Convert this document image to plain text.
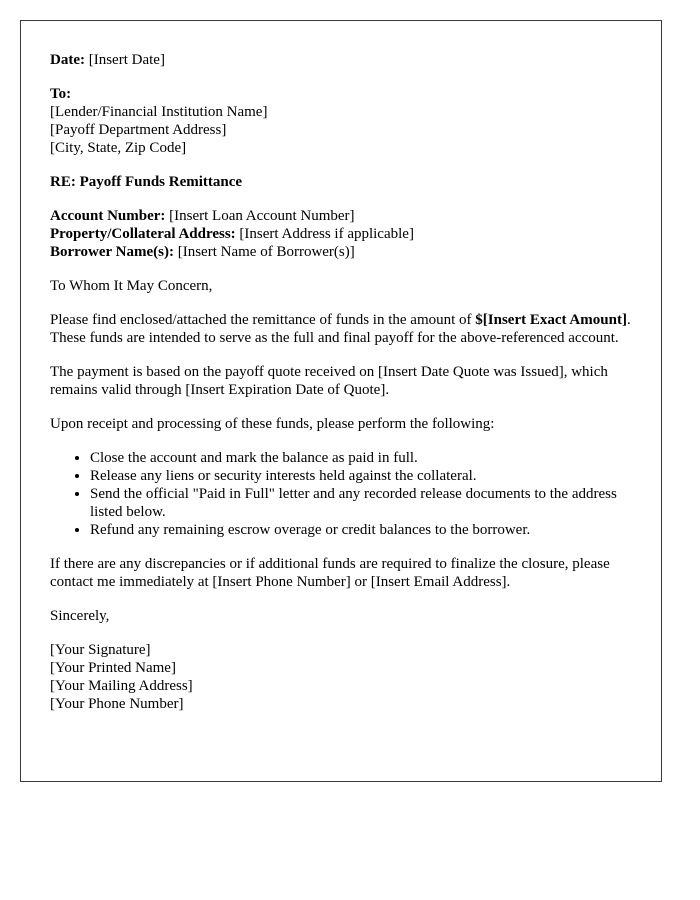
Date: [Insert Date]

To:
[Lender/Financial Institution Name]
[Payoff Department Address]
[City, State, Zip Code]

RE: Payoff Funds Remittance

Account Number: [Insert Loan Account Number]
Property/Collateral Address: [Insert Address if applicable]
Borrower Name(s): [Insert Name of Borrower(s)]

To Whom It May Concern,

Please find enclosed/attached the remittance of funds in the amount of $[Insert Exact Amount]. These funds are intended to serve as the full and final payoff for the above-referenced account.

The payment is based on the payoff quote received on [Insert Date Quote was Issued], which remains valid through [Insert Expiration Date of Quote].

Upon receipt and processing of these funds, please perform the following:

• Close the account and mark the balance as paid in full.
• Release any liens or security interests held against the collateral.
• Send the official "Paid in Full" letter and any recorded release documents to the address listed below.
• Refund any remaining escrow overage or credit balances to the borrower.

If there are any discrepancies or if additional funds are required to finalize the closure, please contact me immediately at [Insert Phone Number] or [Insert Email Address].

Sincerely,

[Your Signature]
[Your Printed Name]
[Your Mailing Address]
[Your Phone Number]
